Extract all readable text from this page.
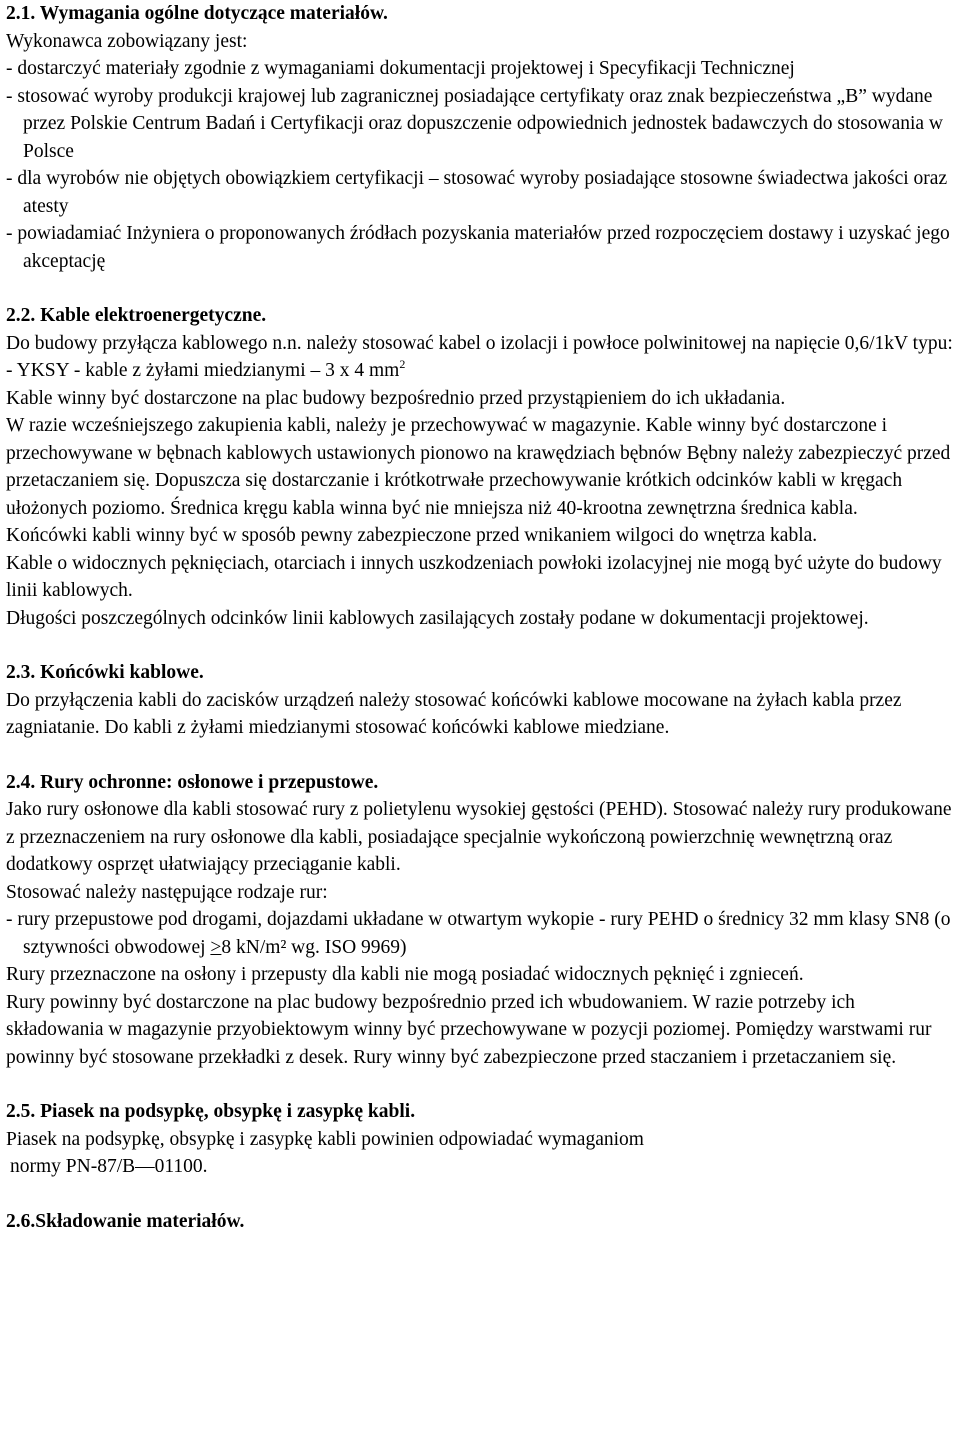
2.1. Wymagania ogólne dotyczące materiałów.

Wykonawca zobowiązany jest:

- dostarczyć materiały zgodnie z wymaganiami dokumentacji projektowej i Specyfikacji Technicznej

- stosować wyroby produkcji krajowej lub zagranicznej posiadające certyfikaty oraz znak bezpieczeństwa „B” wydane przez Polskie Centrum Badań i Certyfikacji oraz dopuszczenie odpowiednich jednostek badawczych do stosowania w Polsce

- dla wyrobów nie objętych obowiązkiem certyfikacji – stosować wyroby posiadające stosowne świadectwa jakości oraz atesty

- powiadamiać Inżyniera o proponowanych źródłach pozyskania materiałów przed rozpoczęciem dostawy i uzyskać jego akceptację

2.2. Kable elektroenergetyczne.

Do budowy przyłącza kablowego n.n. należy stosować kabel o izolacji i powłoce polwinitowej na napięcie 0,6/1kV typu:

- YKSY - kable z żyłami miedzianymi – 3 x 4 $mm^2$

Kable winny być dostarczone na plac budowy bezpośrednio przed przystąpieniem do ich układania.

W razie wcześniejszego zakupienia kabli, należy je przechowywać w magazynie. Kable winny być dostarczone i przechowywane w bębnach kablowych ustawionych pionowo na krawędziach bębnów Bębny należy zabezpieczyć przed przetaczaniem się. Dopuszcza się dostarczanie i krótkotrwałe przechowywanie krótkich odcinków kabli w kręgach ułożonych poziomo. Średnica kręgu kabla winna być nie mniejsza niż 40-krootna zewnętrzna średnica kabla.

Końcówki kabli winny być w sposób pewny zabezpieczone przed wnikaniem wilgoci do wnętrza kabla.

Kable o widocznych pęknięciach, otarciach i innych uszkodzeniach powłoki izolacyjnej nie mogą być użyte do budowy linii kablowych.

Długości poszczególnych odcinków linii kablowych zasilających zostały podane w dokumentacji projektowej.

2.3. Końcówki kablowe.

Do przyłączenia kabli do zacisków urządzeń należy stosować końcówki kablowe mocowane na żyłach kabla przez zagniatanie. Do kabli z żyłami miedzianymi stosować końcówki kablowe miedziane.

2.4. Rury ochronne: osłonowe i przepustowe.

Jako rury osłonowe dla kabli stosować rury z polietylenu wysokiej gęstości (PEHD). Stosować należy rury produkowane z przeznaczeniem na rury osłonowe dla kabli, posiadające specjalnie wykończoną powierzchnię wewnętrzną oraz dodatkowy osprzęt ułatwiający przeciąganie kabli.

Stosować należy następujące rodzaje rur:

- rury przepustowe pod drogami, dojazdami układane w otwartym wykopie - rury PEHD o średnicy 32 mm klasy SN8 (o sztywności obwodowej >8 kN/m² wg. ISO 9969)

Rury przeznaczone na osłony i przepusty dla kabli nie mogą posiadać widocznych pęknięć i zgnieceń.

Rury powinny być dostarczone na plac budowy bezpośrednio przed ich wbudowaniem. W razie potrzeby ich składowania w magazynie przyobiektowym winny być przechowywane w pozycji poziomej. Pomiędzy warstwami rur powinny być stosowane przekładki z desek. Rury winny być zabezpieczone przed staczaniem i przetaczaniem się.

2.5. Piasek na podsypkę, obsypkę i zasypkę kabli.

Piasek na podsypkę, obsypkę i zasypkę kabli powinien odpowiadać wymaganiom

normy PN-87/B—01100.

2.6.Składowanie materiałów.
